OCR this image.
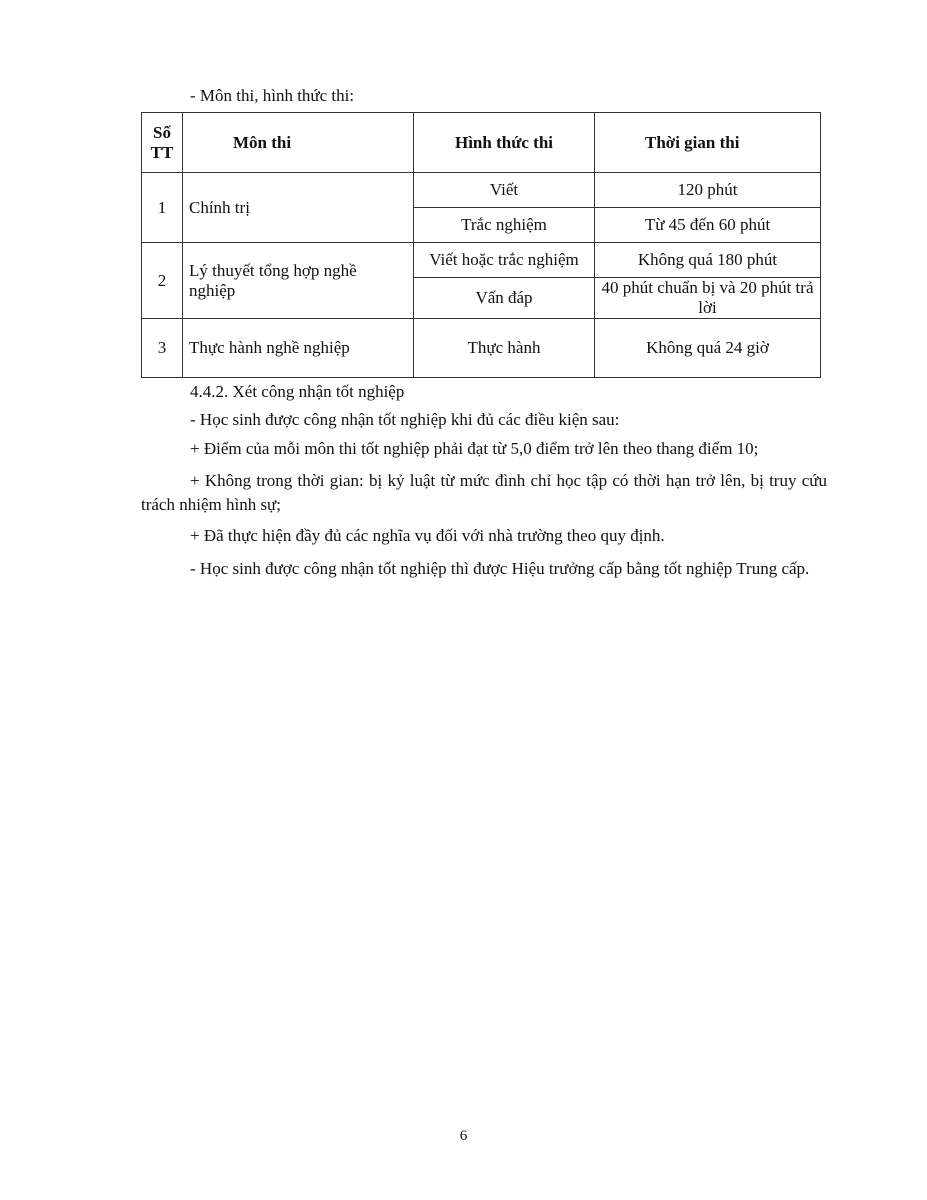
- Môn thi, hình thức thi:
Số
TT	Môn thi	Hình thức thi	Thời gian thi
1	Chính trị	Viết	120 phút
		Trắc nghiệm	Từ 45 đến 60 phút
2	Lý thuyết tổng hợp nghề nghiệp	Viết hoặc trắc nghiệm	Không quá 180 phút
		Vấn đáp	40 phút chuẩn bị và 20 phút trả lời
3	Thực hành nghề nghiệp	Thực hành	Không quá 24 giờ
4.4.2. Xét công nhận tốt nghiệp
- Học sinh được công nhận tốt nghiệp khi đủ các điều kiện sau:
+ Điểm của mỗi môn thi tốt nghiệp phải đạt từ 5,0 điểm trở lên theo thang điểm 10;
+ Không trong thời gian: bị kỷ luật từ mức đình chỉ học tập có thời hạn trở lên, bị truy cứu trách nhiệm hình sự;
+ Đã thực hiện đầy đủ các nghĩa vụ đối với nhà trường theo quy định.
- Học sinh được công nhận tốt nghiệp thì được Hiệu trưởng cấp bằng tốt nghiệp Trung cấp.
6
